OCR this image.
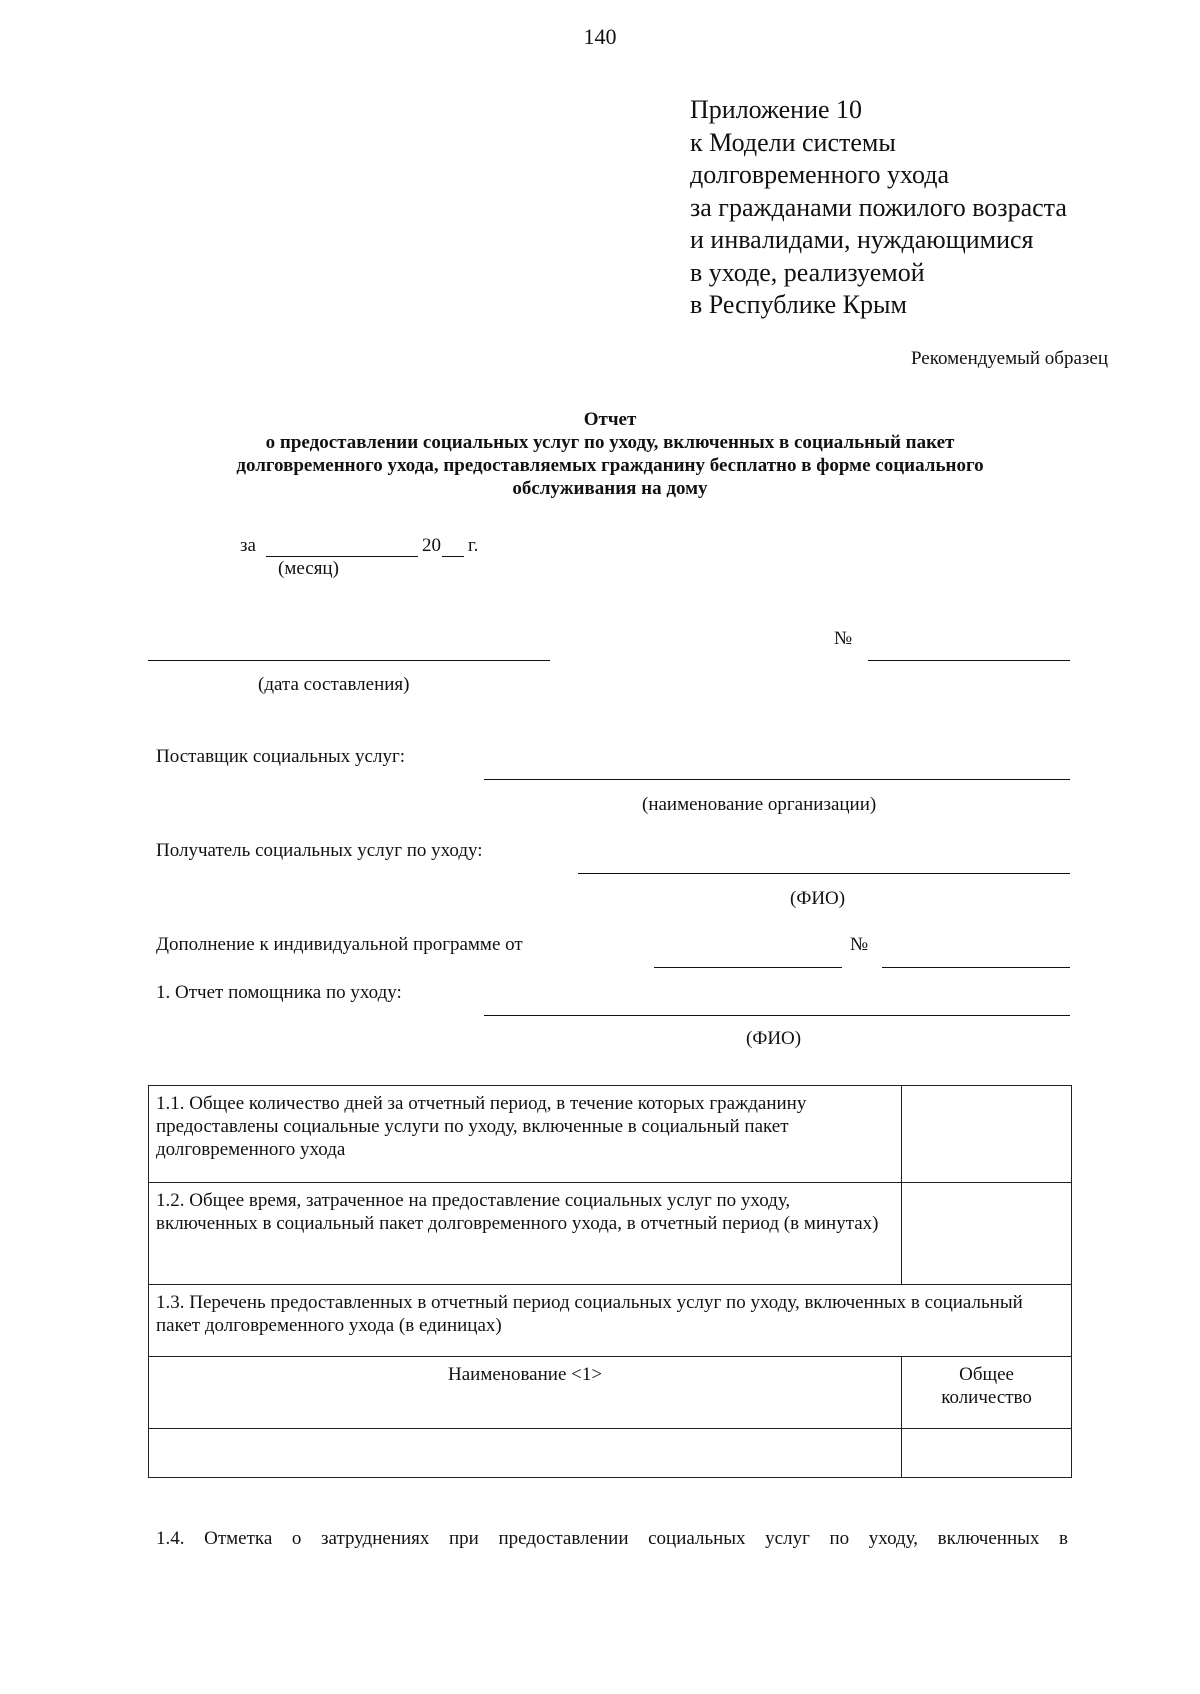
140
Приложение 10
к Модели системы
долговременного ухода
за гражданами пожилого возраста
и инвалидами, нуждающимися
в уходе, реализуемой
в Республике Крым
Рекомендуемый образец
Отчет
о предоставлении социальных услуг по уходу, включенных в социальный пакет
долговременного ухода, предоставляемых гражданину бесплатно в форме социального
обслуживания на дому
за	20 г.
(месяц)
№
(дата составления)
Поставщик социальных услуг:
(наименование организации)
Получатель социальных услуг по уходу:
(ФИО)
Дополнение к индивидуальной программе от	№
1. Отчет помощника по уходу:
(ФИО)
1.1. Общее количество дней за отчетный период, в течение которых гражданину предоставлены социальные услуги по уходу, включенные в социальный пакет долговременного ухода	
1.2. Общее время, затраченное на предоставление социальных услуг по уходу, включенных в социальный пакет долговременного ухода, в отчетный период (в минутах)	
1.3. Перечень предоставленных в отчетный период социальных услуг по уходу, включенных в социальный пакет долговременного ухода (в единицах)	
Наименование <1>	Общее
количество

1.4. Отметка о затруднениях при предоставлении социальных услуг по уходу, включенных в
